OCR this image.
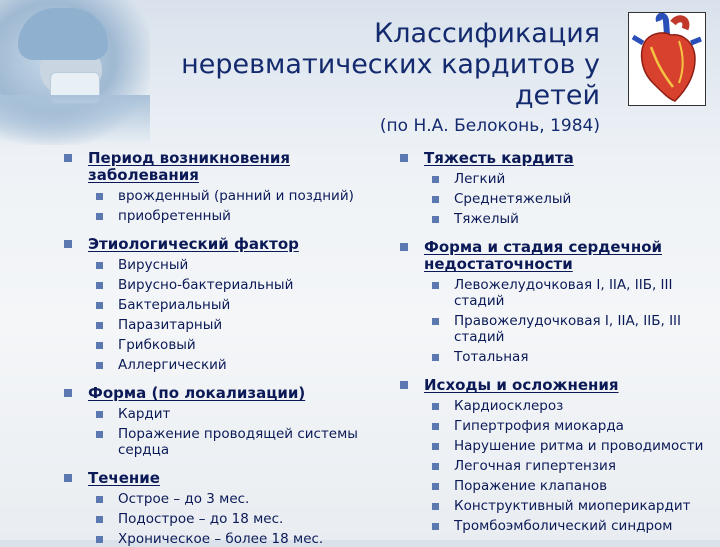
Классификация
неревматических кардитов у
детей
(по Н.А. Белоконь, 1984)
Период возникновения заболевания
врожденный (ранний и поздний)
приобретенный
Этиологический фактор
Вирусный
Вирусно-бактериальный
Бактериальный
Паразитарный
Грибковый
Аллергический
Форма (по локализации)
Кардит
Поражение проводящей системы сердца
Течение
Острое – до 3 мес.
Подострое – до 18 мес.
Хроническое – более 18 мес.
Тяжесть кардита
Легкий
Среднетяжелый
Тяжелый
Форма и стадия сердечной недостаточности
Левожелудочковая I, IIA, IIБ, III стадий
Правожелудочковая I, IIA, IIБ, III стадий
Тотальная
Исходы и осложнения
Кардиосклероз
Гипертрофия миокарда
Нарушение ритма и проводимости
Легочная гипертензия
Поражение клапанов
Конструктивный миоперикардит
Тромбоэмболический синдром
